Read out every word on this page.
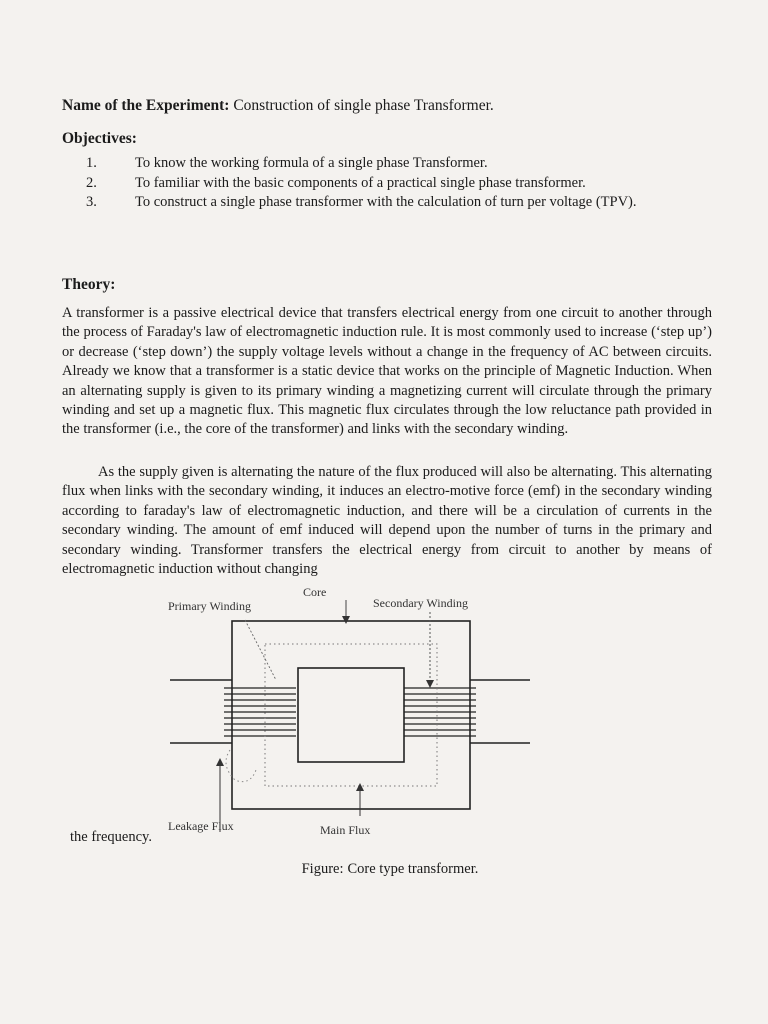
Name of the Experiment: Construction of single phase Transformer.
Objectives:
1.	To know the working formula of a single phase Transformer.
2.	To familiar with the basic components of a practical single phase transformer.
3.	To construct a single phase transformer with the calculation of turn per voltage (TPV).
Theory:

A transformer is a passive electrical device that transfers electrical energy from one circuit to another through the process of Faraday's law of electromagnetic induction rule. It is most commonly used to increase (‘step up’) or decrease (‘step down’) the supply voltage levels without a change in the frequency of AC between circuits. Already we know that a transformer is a static device that works on the principle of Magnetic Induction. When an alternating supply is given to its primary winding a magnetizing current will circulate through the primary winding and set up a magnetic flux. This magnetic flux circulates through the low reluctance path provided in the transformer (i.e., the core of the transformer) and links with the secondary winding.

As the supply given is alternating the nature of the flux produced will also be alternating. This alternating flux when links with the secondary winding, it induces an electro-motive force (emf) in the secondary winding according to faraday's law of electromagnetic induction, and there will be a circulation of currents in the secondary winding. The amount of emf induced will depend upon the number of turns in the primary and secondary winding. Transformer transfers the electrical energy from circuit to another by means of electromagnetic induction without changing

Core
Primary Winding	Secondary Winding
Leakage Flux	Main Flux
the frequency.
Figure: Core type transformer.
